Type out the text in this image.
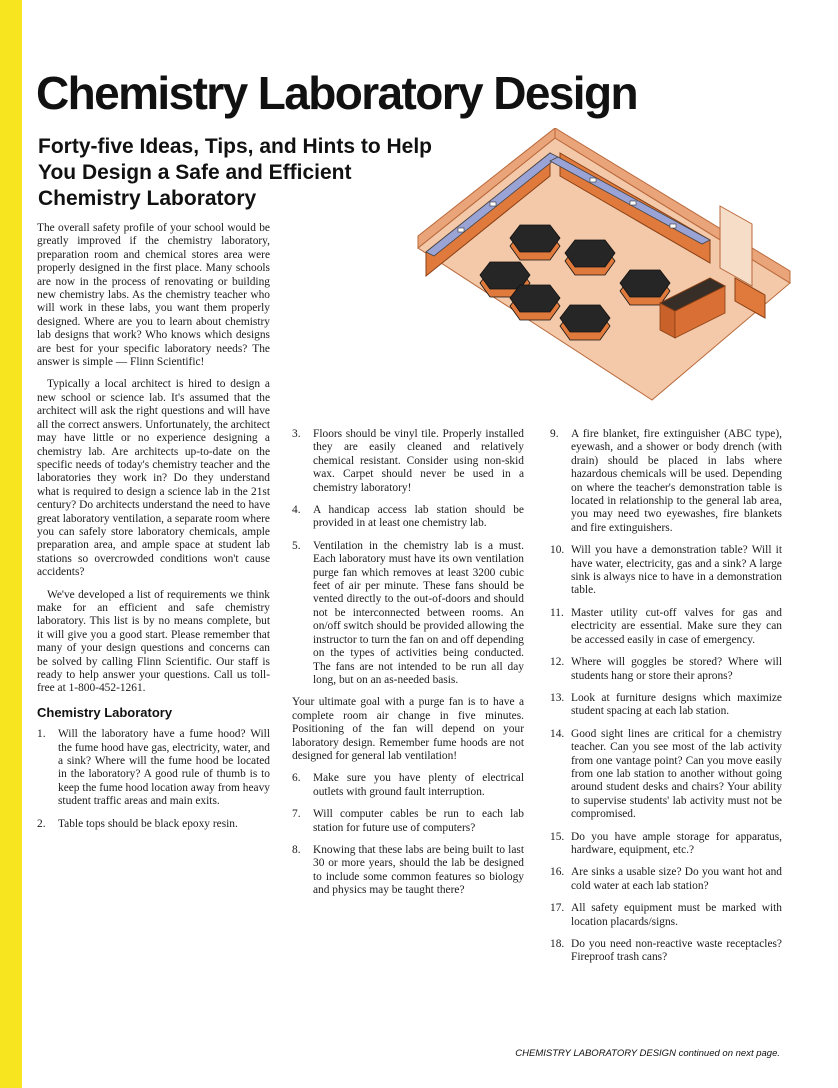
Chemistry Laboratory Design
Forty-five Ideas, Tips, and Hints to Help You Design a Safe and Efficient Chemistry Laboratory

The overall safety profile of your school would be greatly improved if the chemistry laboratory, preparation room and chemical stores area were properly designed in the first place. Many schools are now in the process of renovating or building new chemistry labs. As the chemistry teacher who will work in these labs, you want them properly designed. Where are you to learn about chemistry lab designs that work? Who knows which designs are best for your specific laboratory needs? The answer is simple — Flinn Scientific!

Typically a local architect is hired to design a new school or science lab. It's assumed that the architect will ask the right questions and will have all the correct answers. Unfortunately, the architect may have little or no experience designing a chemistry lab. Are architects up-to-date on the specific needs of today's chemistry teacher and the laboratories they work in? Do they understand what is required to design a science lab in the 21st century? Do architects understand the need to have great laboratory ventilation, a separate room where you can safely store laboratory chemicals, ample preparation area, and ample space at student lab stations so overcrowded conditions won't cause accidents?

We've developed a list of requirements we think make for an efficient and safe chemistry laboratory. This list is by no means complete, but it will give you a good start. Please remember that many of your design questions and concerns can be solved by calling Flinn Scientific. Our staff is ready to help answer your questions. Call us toll-free at 1-800-452-1261.

Chemistry Laboratory
1.	Will the laboratory have a fume hood? Will the fume hood have gas, electricity, water, and a sink? Where will the fume hood be located in the laboratory? A good rule of thumb is to keep the fume hood location away from heavy student traffic areas and main exits.
2.	Table tops should be black epoxy resin.
3.	Floors should be vinyl tile. Properly installed they are easily cleaned and relatively chemical resistant. Consider using non-skid wax. Carpet should never be used in a chemistry laboratory!
4.	A handicap access lab station should be provided in at least one chemistry lab.
5.	Ventilation in the chemistry lab is a must. Each laboratory must have its own ventilation purge fan which removes at least 3200 cubic feet of air per minute. These fans should be vented directly to the out-of-doors and should not be interconnected between rooms. An on/off switch should be provided allowing the instructor to turn the fan on and off depending on the types of activities being conducted. The fans are not intended to be run all day long, but on an as-needed basis.

Your ultimate goal with a purge fan is to have a complete room air change in five minutes. Positioning of the fan will depend on your laboratory design. Remember fume hoods are not designed for general lab ventilation!

6.	Make sure you have plenty of electrical outlets with ground fault interruption.
7.	Will computer cables be run to each lab station for future use of computers?
8.	Knowing that these labs are being built to last 30 or more years, should the lab be designed to include some common features so biology and physics may be taught there?
9.	A fire blanket, fire extinguisher (ABC type), eyewash, and a shower or body drench (with drain) should be placed in labs where hazardous chemicals will be used. Depending on where the teacher's demonstration table is located in relationship to the general lab area, you may need two eyewashes, fire blankets and fire extinguishers.
10. Will you have a demonstration table? Will it have water, electricity, gas and a sink? A large sink is always nice to have in a demonstration table.
11. Master utility cut-off valves for gas and electricity are essential. Make sure they can be accessed easily in case of emergency.
12. Where will goggles be stored? Where will students hang or store their aprons?
13. Look at furniture designs which maximize student spacing at each lab station.
14. Good sight lines are critical for a chemistry teacher. Can you see most of the lab activity from one vantage point? Can you move easily from one lab station to another without going around student desks and chairs? Your ability to supervise students' lab activity must not be compromised.
15. Do you have ample storage for apparatus, hardware, equipment, etc.?
16. Are sinks a usable size? Do you want hot and cold water at each lab station?
17. All safety equipment must be marked with location placards/signs.
18. Do you need non-reactive waste receptacles? Fireproof trash cans?
CHEMISTRY LABORATORY DESIGN continued on next page.
